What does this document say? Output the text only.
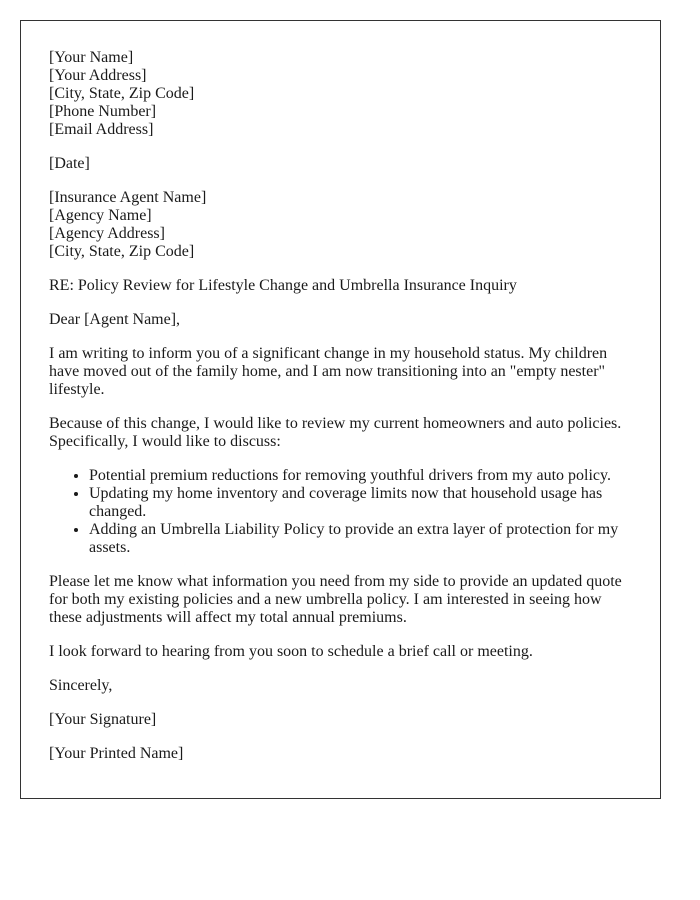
[Your Name]
[Your Address]
[City, State, Zip Code]
[Phone Number]
[Email Address]

[Date]

[Insurance Agent Name]
[Agency Name]
[Agency Address]
[City, State, Zip Code]

RE: Policy Review for Lifestyle Change and Umbrella Insurance Inquiry

Dear [Agent Name],

I am writing to inform you of a significant change in my household status. My children have moved out of the family home, and I am now transitioning into an "empty nester" lifestyle.

Because of this change, I would like to review my current homeowners and auto policies. Specifically, I would like to discuss:

• Potential premium reductions for removing youthful drivers from my auto policy.
• Updating my home inventory and coverage limits now that household usage has changed.
• Adding an Umbrella Liability Policy to provide an extra layer of protection for my assets.

Please let me know what information you need from my side to provide an updated quote for both my existing policies and a new umbrella policy. I am interested in seeing how these adjustments will affect my total annual premiums.

I look forward to hearing from you soon to schedule a brief call or meeting.

Sincerely,

[Your Signature]

[Your Printed Name]
